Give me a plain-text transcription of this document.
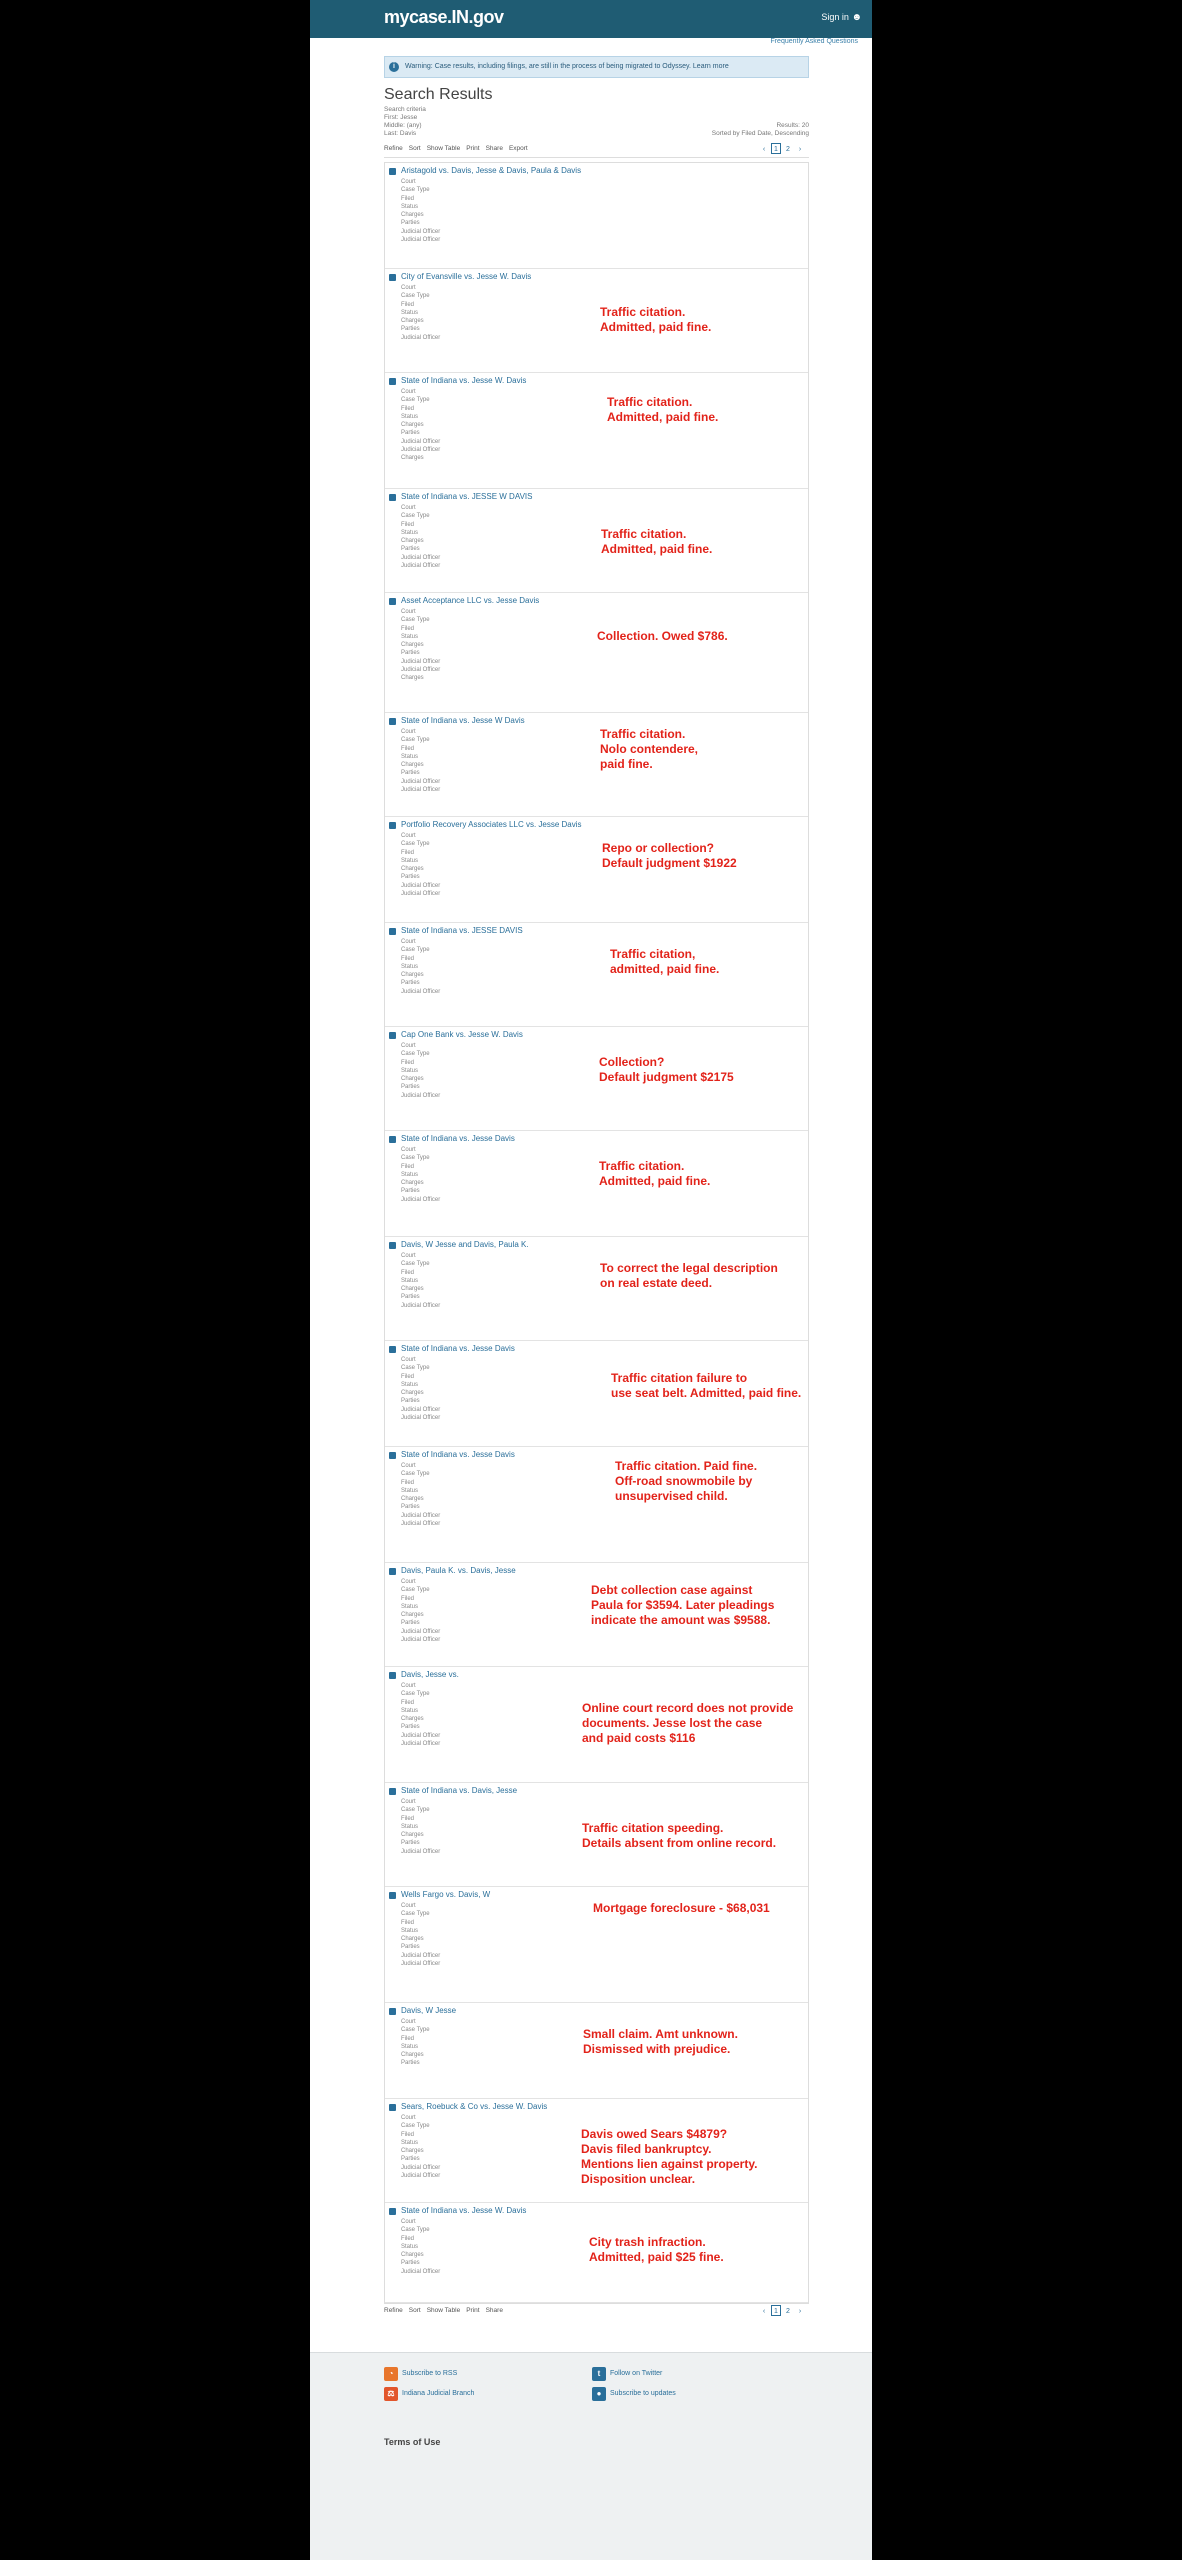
mycase.IN.gov	Sign in ☻
Frequently Asked Questions
i	Warning: Case results, including filings, are still in the process of being migrated to Odyssey. Learn more
Search Results
Search criteria
First: Jesse
Middle: (any)
Last: Davis
Results: 20
Sorted by Filed Date, Descending
Refine Sort Show Table Print Share Export	‹ 1 2 ›
Aristagold vs. Davis, Jesse & Davis, Paula & Davis
Court
Case Type
Filed
Status
Charges
Parties
Judicial Officer
Judicial Officer
City of Evansville vs. Jesse W. Davis
Court
Case Type
Filed
Status
Charges
Parties
Judicial Officer
Traffic citation.
Admitted, paid fine.
State of Indiana vs. Jesse W. Davis
Court
Case Type
Filed
Status
Charges
Parties
Judicial Officer
Judicial Officer
Charges
Traffic citation.
Admitted, paid fine.
State of Indiana vs. JESSE W DAVIS
Court
Case Type
Filed
Status
Charges
Parties
Judicial Officer
Judicial Officer
Traffic citation.
Admitted, paid fine.
Asset Acceptance LLC vs. Jesse Davis
Court
Case Type
Filed
Status
Charges
Parties
Judicial Officer
Judicial Officer
Charges
Collection. Owed $786.
State of Indiana vs. Jesse W Davis
Court
Case Type
Filed
Status
Charges
Parties
Judicial Officer
Judicial Officer
Traffic citation.
Nolo contendere,
paid fine.
Portfolio Recovery Associates LLC vs. Jesse Davis
Court
Case Type
Filed
Status
Charges
Parties
Judicial Officer
Judicial Officer
Repo or collection?
Default judgment $1922
State of Indiana vs. JESSE DAVIS
Court
Case Type
Filed
Status
Charges
Parties
Judicial Officer
Traffic citation,
admitted, paid fine.
Cap One Bank vs. Jesse W. Davis
Court
Case Type
Filed
Status
Charges
Parties
Judicial Officer
Collection?
Default judgment $2175
State of Indiana vs. Jesse Davis
Court
Case Type
Filed
Status
Charges
Parties
Judicial Officer
Traffic citation.
Admitted, paid fine.
Davis, W Jesse and Davis, Paula K.
Court
Case Type
Filed
Status
Charges
Parties
Judicial Officer
To correct the legal description
on real estate deed.
State of Indiana vs. Jesse Davis
Court
Case Type
Filed
Status
Charges
Parties
Judicial Officer
Judicial Officer
Traffic citation failure to
use seat belt. Admitted, paid fine.
State of Indiana vs. Jesse Davis
Court
Case Type
Filed
Status
Charges
Parties
Judicial Officer
Judicial Officer
Traffic citation. Paid fine.
Off-road snowmobile by
unsupervised child.
Davis, Paula K. vs. Davis, Jesse
Court
Case Type
Filed
Status
Charges
Parties
Judicial Officer
Judicial Officer
Debt collection case against
Paula for $3594. Later pleadings
indicate the amount was $9588.
Davis, Jesse vs.
Court
Case Type
Filed
Status
Charges
Parties
Judicial Officer
Judicial Officer
Online court record does not provide
documents. Jesse lost the case
and paid costs $116
State of Indiana vs. Davis, Jesse
Court
Case Type
Filed
Status
Charges
Parties
Judicial Officer
Traffic citation speeding.
Details absent from online record.
Wells Fargo vs. Davis, W
Court
Case Type
Filed
Status
Charges
Parties
Judicial Officer
Judicial Officer
Mortgage foreclosure - $68,031
Davis, W Jesse
Court
Case Type
Filed
Status
Charges
Parties
Small claim. Amt unknown.
Dismissed with prejudice.
Sears, Roebuck & Co vs. Jesse W. Davis
Court
Case Type
Filed
Status
Charges
Parties
Judicial Officer
Judicial Officer
Davis owed Sears $4879?
Davis filed bankruptcy.
Mentions lien against property.
Disposition unclear.
State of Indiana vs. Jesse W. Davis
Court
Case Type
Filed
Status
Charges
Parties
Judicial Officer
City trash infraction.
Admitted, paid $25 fine.
Refine Sort Show Table Print Share	‹ 1 2 ›
◔	Subscribe to RSS	t	Follow on Twitter
⚖	Indiana Judicial Branch	●	Subscribe to updates
Terms of Use
